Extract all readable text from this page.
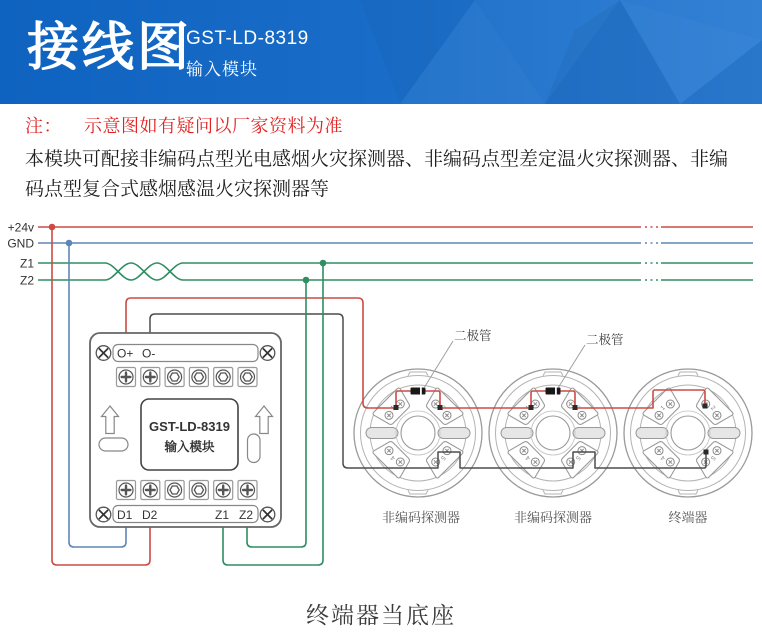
接线图
GST-LD-8319
输入模块
注： 示意图如有疑问以厂家资料为准
本模块可配接非编码点型光电感烟火灾探测器、非编码点型差定温火灾探测器、非编码点型复合式感烟感温火灾探测器等
5
+24v
GND
Z1
Z2
二极管	二极管
O+ O-
GST-LD-8319
输入模块
D1 D2	Z1 Z2	非编码探测器	非编码探测器	终端器
终端器当底座
